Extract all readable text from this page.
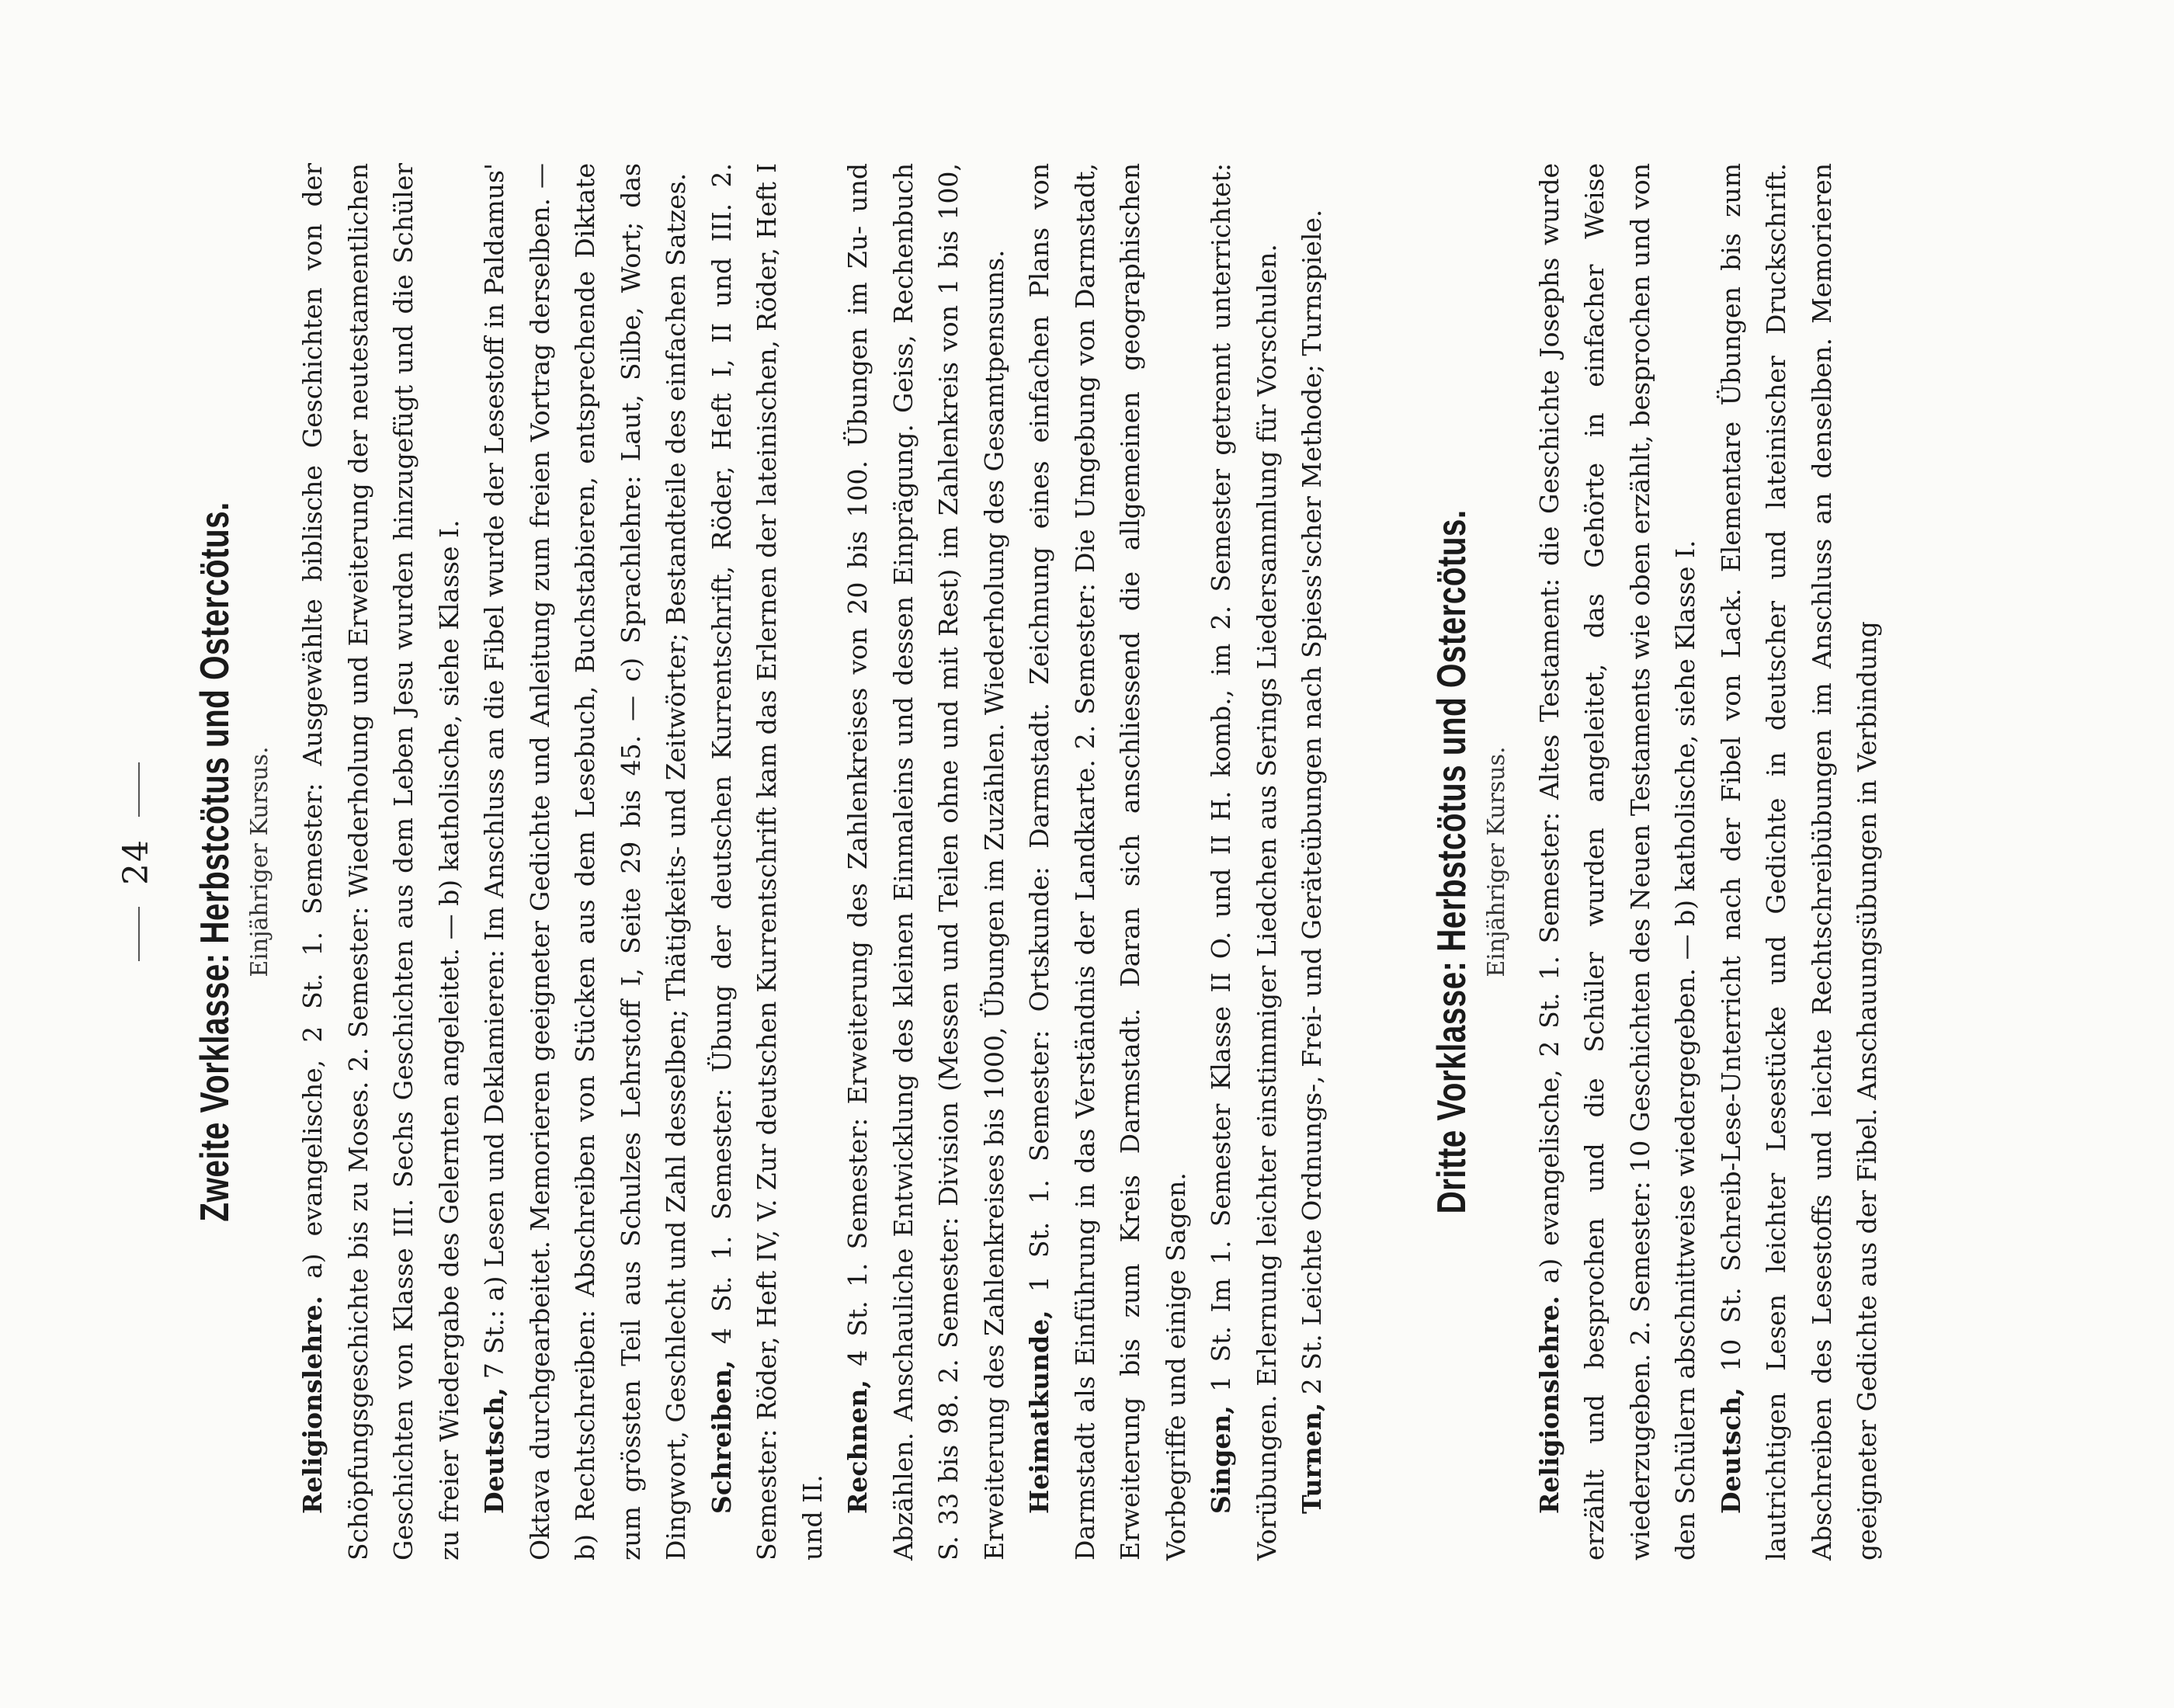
24 Zweite Vorklasse: Herbstcötus und Ostercötus. Einjähriger Kursus.

Religionslehre. a) evangelische, 2 St. 1. Semester: Ausgewählte biblische Geschichten von der Schöpfungsgeschichte bis zu Moses. 2. Semester: Wiederholung und Erweiterung der neutestamentlichen Geschichten von Klasse III. Sechs Geschichten aus dem Leben Jesu wurden hinzugefügt und die Schüler zu freier Wiedergabe des Gelernten angeleitet. — b) katholische, siehe Klasse I. Deutsch, 7 St.: a) Lesen und Deklamieren: Im Anschluss an die Fibel wurde der Lesestoff in Paldamus' Oktava durchgearbeitet. Memorieren geeigneter Gedichte und Anleitung zum freien Vortrag derselben. — b) Rechtschreiben: Abschreiben von Stücken aus dem Lesebuch, Buchstabieren, entsprechende Diktate zum grössten Teil aus Schulzes Lehrstoff I, Seite 29 bis 45. — c) Sprachlehre: Laut, Silbe, Wort; das Dingwort, Geschlecht und Zahl desselben; Thätigkeits- und Zeitwörter; Bestandteile des einfachen Satzes. Schreiben, 4 St. 1. Semester: Übung der deutschen Kurrentschrift, Röder, Heft I, II und III. 2. Semester: Röder, Heft IV, V. Zur deutschen Kurrentschrift kam das Erlernen der lateinischen, Röder, Heft I und II.

Rechnen, 4 St. 1. Semester: Erweiterung des Zahlenkreises von 20 bis 100. Übungen im Zu- und Abzählen. Anschauliche Entwicklung des kleinen Einmaleins und dessen Einprägung. Geiss, Rechenbuch S. 33 bis 98. 2. Semester: Division (Messen und Teilen ohne und mit Rest) im Zahlenkreis von 1 bis 100, Erweiterung des Zahlenkreises bis 1000, Übungen im Zuzählen. Wiederholung des Gesamtpensums. Heimatkunde, 1 St. 1. Semester: Ortskunde: Darmstadt. Zeichnung eines einfachen Plans von Darmstadt als Einführung in das Verständnis der Landkarte. 2. Semester: Die Umgebung von Darmstadt, Erweiterung bis zum Kreis Darmstadt. Daran sich anschliessend die allgemeinen geographischen Vorbegriffe und einige Sagen. Singen, 1 St. Im 1. Semester Klasse II O. und II H. komb., im 2. Semester getrennt unterrichtet: Vorübungen. Erlernung leichter einstimmiger Liedchen aus Serings Liedersammlung für Vorschulen. Turnen, 2 St. Leichte Ordnungs-, Frei- und Geräteübungen nach Spiess'scher Methode; Turnspiele.	Dritte Vorklasse: Herbstcötus und Ostercötus. Einjähriger Kursus.

Religionslehre. a) evangelische, 2 St. 1. Semester: Altes Testament: die Geschichte Josephs wurde erzählt und besprochen und die Schüler wurden angeleitet, das Gehörte in einfacher Weise wiederzugeben. 2. Semester: 10 Geschichten des Neuen Testaments wie oben erzählt, besprochen und von den Schülern abschnittweise wiedergegeben. — b) katholische, siehe Klasse I. Deutsch, 10 St. Schreib-Lese-Unterricht nach der Fibel von Lack. Elementare Übungen bis zum lautrichtigen Lesen leichter Lesestücke und Gedichte in deutscher und lateinischer Druckschrift. Abschreiben des Lesestoffs und leichte Rechtschreibübungen im Anschluss an denselben. Memorieren geeigneter Gedichte aus der Fibel. Anschauungsübungen in Verbindung
